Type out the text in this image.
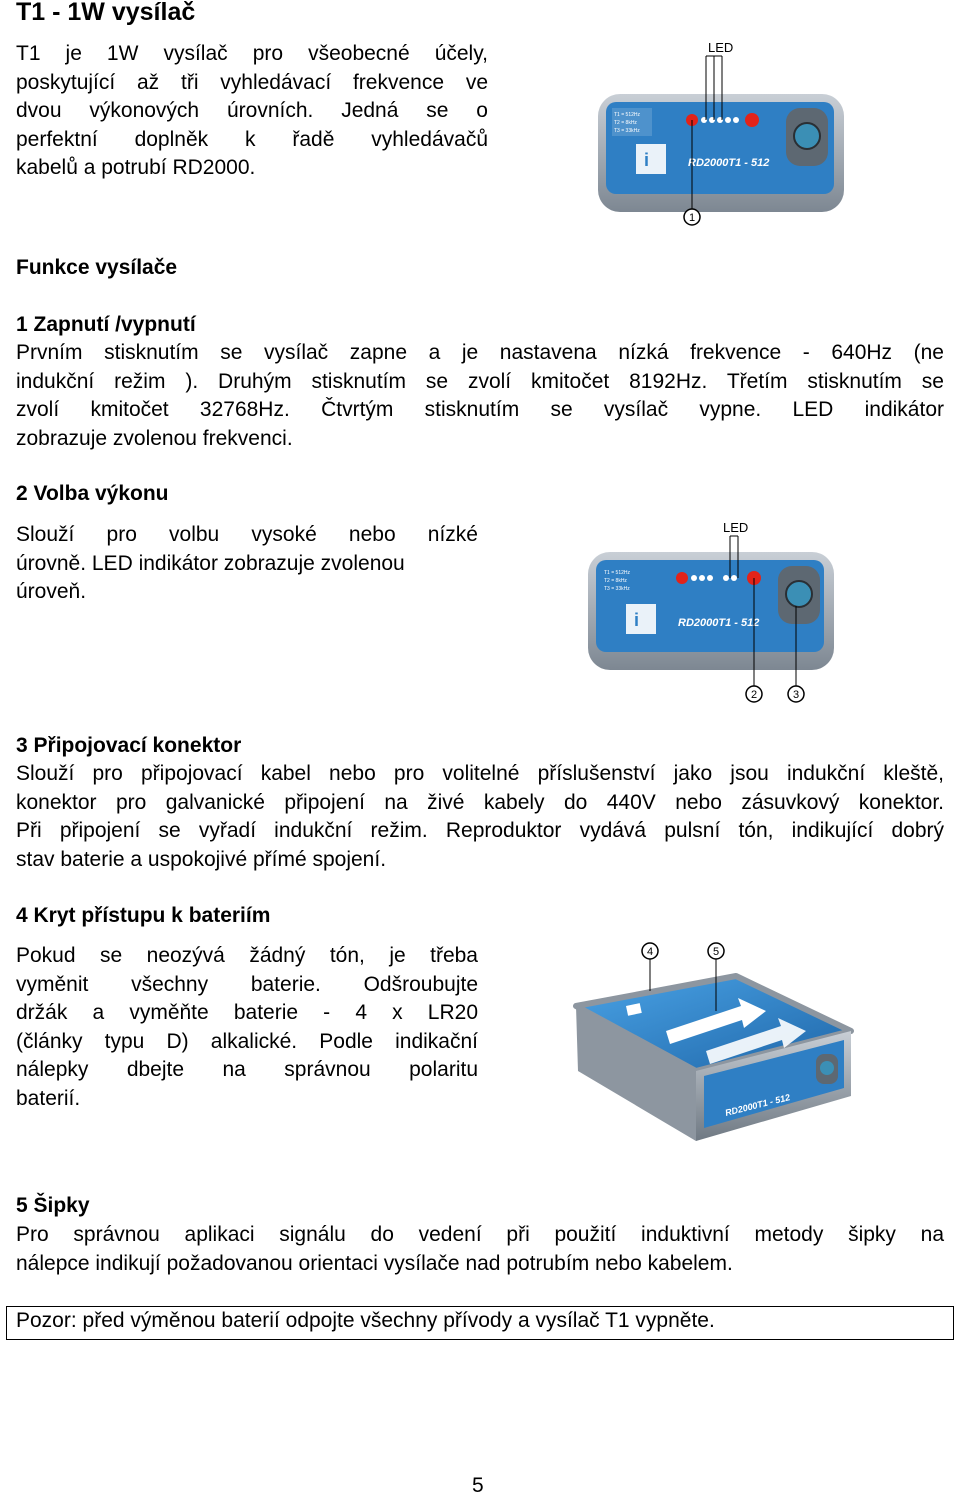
T1 - 1W vysílač

T1 je 1W vysílač pro všeobecné účely,

poskytující až tři vyhledávací frekvence ve

dvou výkonových úrovních. Jedná se o

perfektní doplněk k řadě vyhledávačů

kabelů a potrubí RD2000.

T1 = 512Hz
T2 = 8kHz
T3 = 33kHz
i	RD2000T1 - 512
LED
1
Funkce vysílače
1 Zapnutí /vypnutí

Prvním stisknutím se vysílač zapne a je nastavena nízká frekvence - 640Hz (ne

indukční režim ). Druhým stisknutím se zvolí kmitočet 8192Hz. Třetím stisknutím se

zvolí kmitočet 32768Hz. Čtvrtým stisknutím se vysílač vypne. LED indikátor

zobrazuje zvolenou frekvenci.

2 Volba výkonu

Slouží pro volbu vysoké nebo nízké

úrovně. LED indikátor zobrazuje zvolenou

úroveň.

T1 = 512Hz
T2 = 8kHz
T3 = 33kHz
i	RD2000T1 - 512
LED
2	3
3 Připojovací konektor

Slouží pro připojovací kabel nebo pro volitelné příslušenství jako jsou indukční kleště,

konektor pro galvanické připojení na živé kabely do 440V nebo zásuvkový konektor.

Při připojení se vyřadí indukční režim. Reproduktor vydává pulsní tón, indikující dobrý

stav baterie a uspokojivé přímé spojení.

4 Kryt přístupu k bateriím

Pokud se neozývá žádný tón, je třeba

vyměnit všechny baterie. Odšroubujte

držák a vyměňte baterie - 4 x LR20

(články typu D) alkalické. Podle indikační

nálepky dbejte na správnou polaritu

baterií.	RD2000T1 - 512
4	5
5 Šipky

Pro správnou aplikaci signálu do vedení při použití induktivní metody šipky na

nálepce indikují požadovanou orientaci vysílače nad potrubím nebo kabelem.

Pozor: před výměnou baterií odpojte všechny přívody a vysílač T1 vypněte.
5
